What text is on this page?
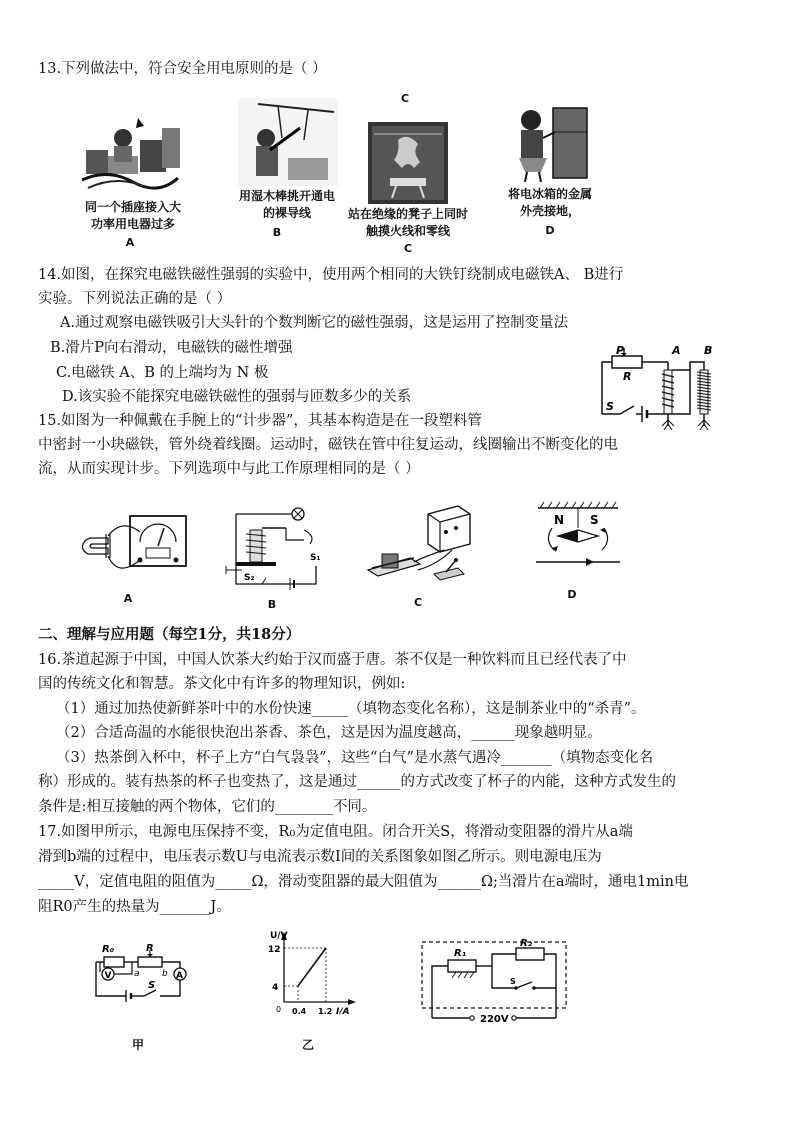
13.下列做法中，符合安全用电原则的是（ ）
C
同一个插座接入大
功率用电器过多
A
用湿木棒挑开通电
的裸导线
B
站在绝缘的凳子上同时
触摸火线和零线
C
将电冰箱的金属
外壳接地，
D
14.如图，在探究电磁铁磁性强弱的实验中，使用两个相同的大铁钉绕制成电磁铁A、 B进行
实验。下列说法正确的是（ ）
A.通过观察电磁铁吸引大头针的个数判断它的磁性强弱，这是运用了控制变量法
B.滑片P向右滑动，电磁铁的磁性增强
C.电磁铁 A、B 的上端均为 N 极
D.该实验不能探究电磁铁磁性的强弱与匝数多少的关系
P
R
A B
S
15.如图为一种佩戴在手腕上的“计步器”，其基本构造是在一段塑料管
中密封一小块磁铁，管外绕着线圈。运动时，磁铁在管中往复运动，线圈输出不断变化的电
流，从而实现计步。下列选项中与此工作原理相同的是（ ）
A
S₁
S₂
B	C
N S
D
二、理解与应用题（每空1分，共18分）
16.茶道起源于中国，中国人饮茶大约始于汉而盛于唐。茶不仅是一种饮料而且已经代表了中
国的传统文化和智慧。茶文化中有许多的物理知识，例如:
（1）通过加热使新鲜茶叶中的水份快速_____（填物态变化名称），这是制茶业中的“杀青”。
（2）合适高温的水能很快泡出茶香、茶色，这是因为温度越高，______现象越明显。
（3）热茶倒入杯中，杯子上方“白气袅袅”，这些“白气”是水蒸气遇冷_______（填物态变化名
称）形成的。装有热茶的杯子也变热了，这是通过______的方式改变了杯子的内能，这种方式发生的
条件是:相互接触的两个物体，它们的________不同。
17.如图甲所示，电源电压保持不变，R₀为定值电阻。闭合开关S，将滑动变阻器的滑片从a端
滑到b端的过程中，电压表示数U与电流表示数I间的关系图象如图乙所示。则电源电压为
_____V，定值电阻的阻值为_____Ω，滑动变阻器的最大阻值为______Ω;当滑片在a端时，通电1min电
阻R0产生的热量为_______J。
R₀	R
a b A
V
S
甲
U/V
I/A
12
4
0 0.4 1.2
乙
R₁
R₂
S
220V
